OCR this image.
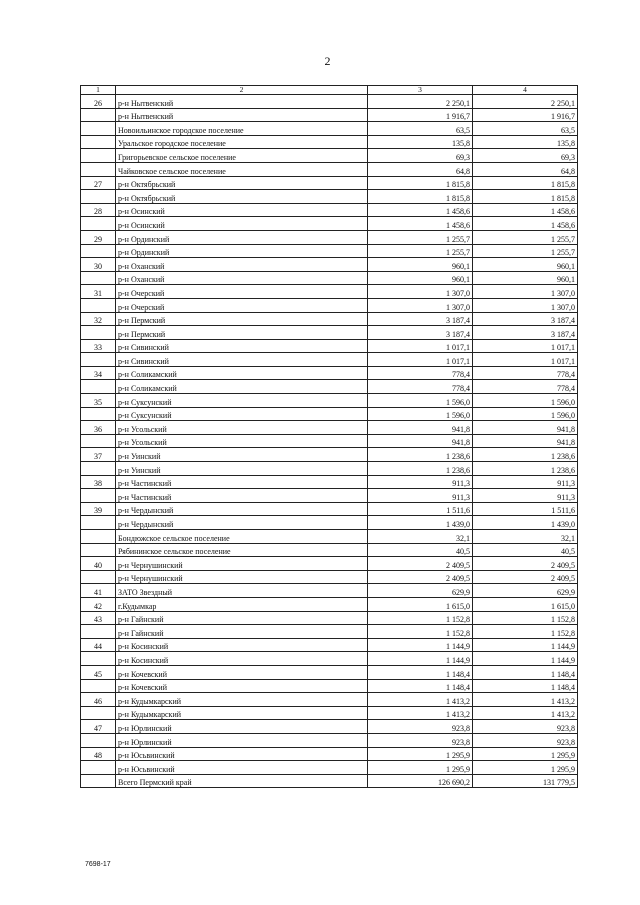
2
1	2	3	4
26	р-н Нытвенский	2 250,1	2 250,1
	р-н Нытвенский	1 916,7	1 916,7
	Новоильинское городское поселение	63,5	63,5
	Уральское городское поселение	135,8	135,8
	Григорьевское сельское поселение	69,3	69,3
	Чайковское сельское поселение	64,8	64,8
27	р-н Октябрьский	1 815,8	1 815,8
	р-н Октябрьский	1 815,8	1 815,8
28	р-н Осинский	1 458,6	1 458,6
	р-н Осинский	1 458,6	1 458,6
29	р-н Ординский	1 255,7	1 255,7
	р-н Ординский	1 255,7	1 255,7
30	р-н Оханский	960,1	960,1
	р-н Оханский	960,1	960,1
31	р-н Очерский	1 307,0	1 307,0
	р-н Очерский	1 307,0	1 307,0
32	р-н Пермский	3 187,4	3 187,4
	р-н Пермский	3 187,4	3 187,4
33	р-н Сивинский	1 017,1	1 017,1
	р-н Сивинский	1 017,1	1 017,1
34	р-н Соликамский	778,4	778,4
	р-н Соликамский	778,4	778,4
35	р-н Суксунский	1 596,0	1 596,0
	р-н Суксунский	1 596,0	1 596,0
36	р-н Усольский	941,8	941,8
	р-н Усольский	941,8	941,8
37	р-н Уинский	1 238,6	1 238,6
	р-н Уинский	1 238,6	1 238,6
38	р-н Частинский	911,3	911,3
	р-н Частинский	911,3	911,3
39	р-н Чердынский	1 511,6	1 511,6
	р-н Чердынский	1 439,0	1 439,0
	Бондюжское сельское поселение	32,1	32,1
	Рябининское сельское поселение	40,5	40,5
40	р-н Чернушинский	2 409,5	2 409,5
	р-н Чернушинский	2 409,5	2 409,5
41	ЗАТО Звездный	629,9	629,9
42	г.Кудымкар	1 615,0	1 615,0
43	р-н Гайнский	1 152,8	1 152,8
	р-н Гайнский	1 152,8	1 152,8
44	р-н Косинский	1 144,9	1 144,9
	р-н Косинский	1 144,9	1 144,9
45	р-н Кочевский	1 148,4	1 148,4
	р-н Кочевский	1 148,4	1 148,4
46	р-н Кудымкарский	1 413,2	1 413,2
	р-н Кудымкарский	1 413,2	1 413,2
47	р-н Юрлинский	923,8	923,8
	р-н Юрлинский	923,8	923,8
48	р-н Юсьвинский	1 295,9	1 295,9
	р-н Юсьвинский	1 295,9	1 295,9
	Всего Пермский край	126 690,2	131 779,5
7698-17
